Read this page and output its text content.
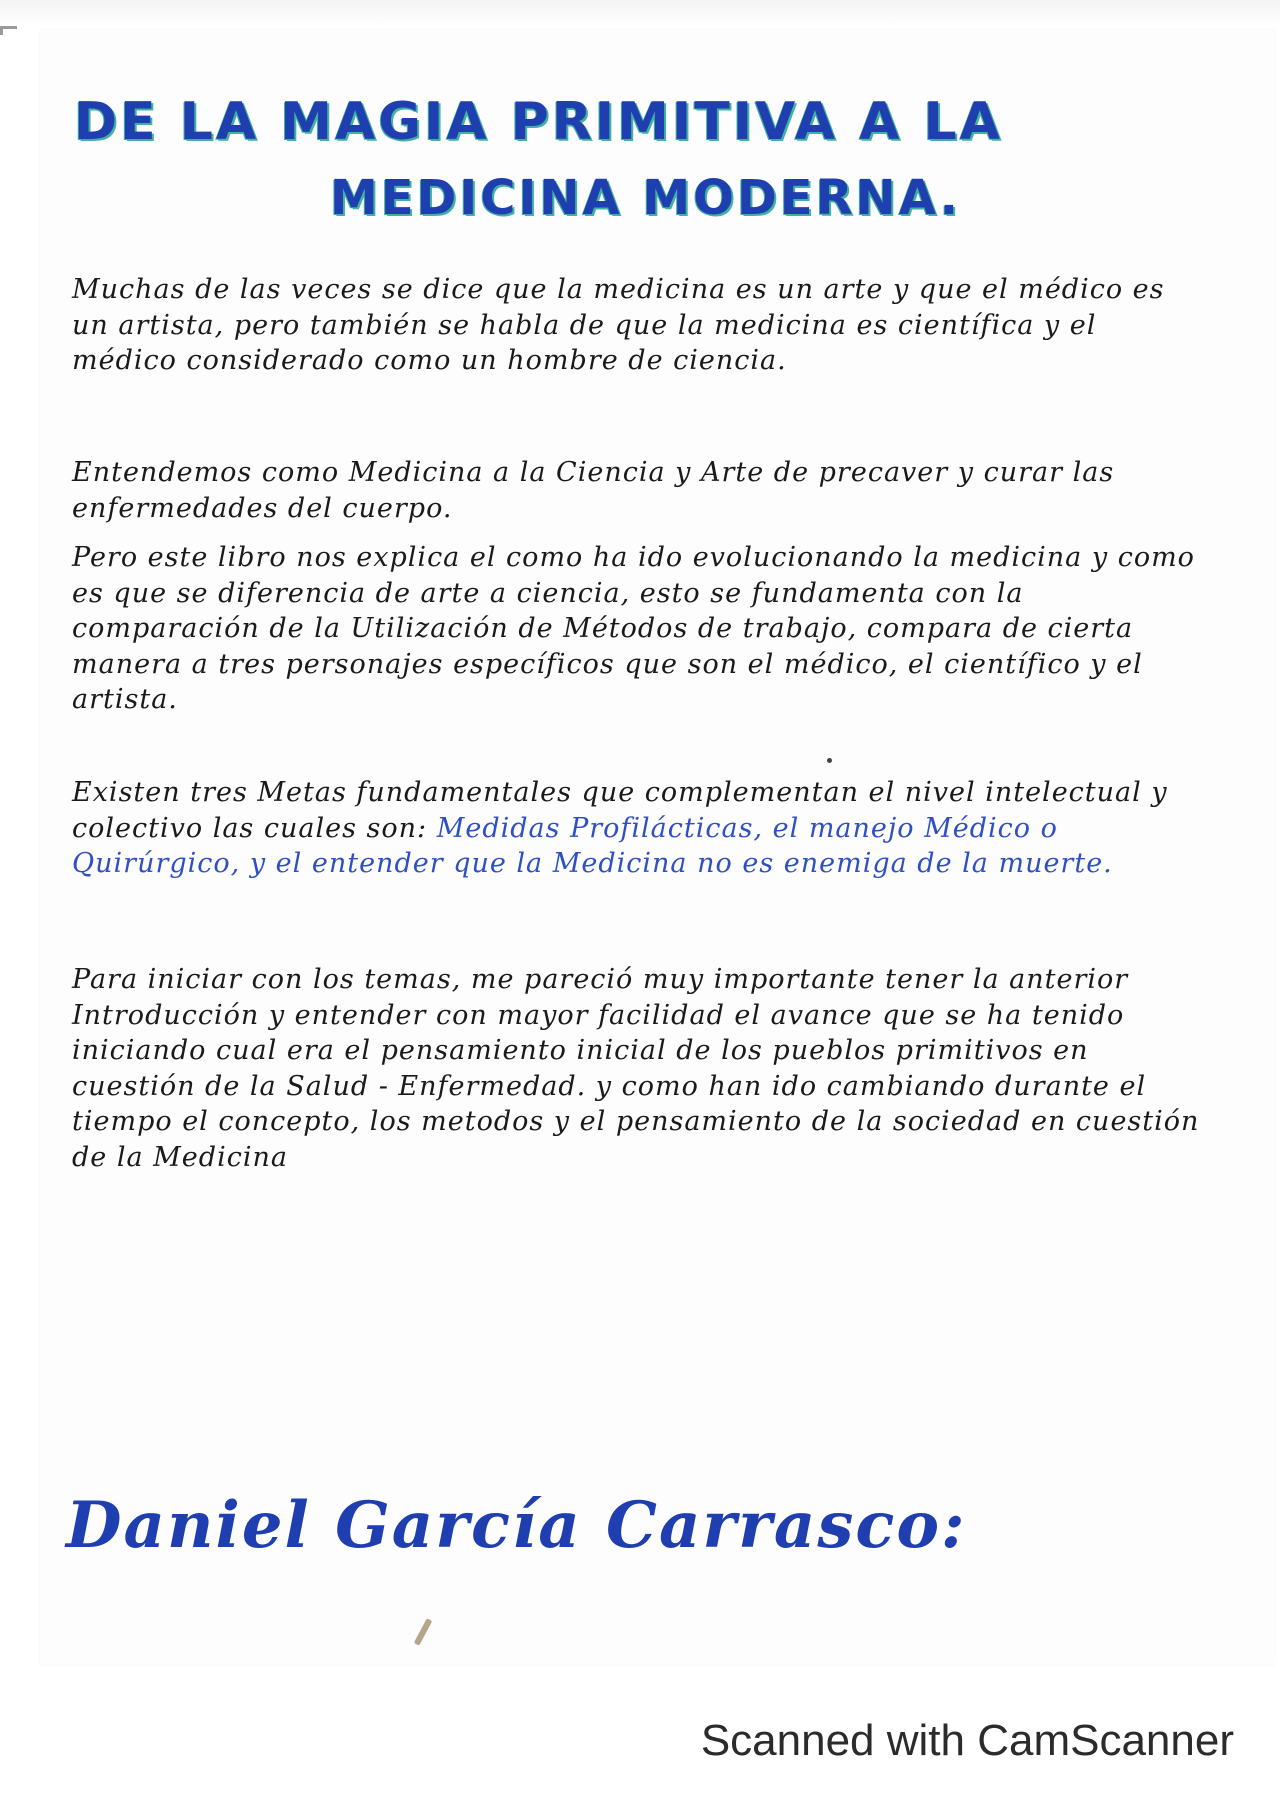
DE LA MAGIA PRIMITIVA A LA
MEDICINA MODERNA.

Muchas de las veces se dice que la medicina es un arte y que el médico es un artista, pero también se habla de que la medicina es científica y el médico considerado como un hombre de ciencia.

Entendemos como Medicina a la Ciencia y Arte de precaver y curar las enfermedades del cuerpo.

Pero este libro nos explica el como ha ido evolucionando la medicina y como es que se diferencia de arte a ciencia, esto se fundamenta con la comparación de la Utilización de Métodos de trabajo, compara de cierta manera a tres personajes específicos que son el médico, el científico y el artista.

Existen tres Metas fundamentales que complementan el nivel intelectual y colectivo las cuales son: Medidas Profilácticas, el manejo Médico o Quirúrgico, y el entender que la Medicina no es enemiga de la muerte.

Para iniciar con los temas, me pareció muy importante tener la anterior Introducción y entender con mayor facilidad el avance que se ha tenido iniciando cual era el pensamiento inicial de los pueblos primitivos en cuestión de la Salud - Enfermedad. y como han ido cambiando durante el tiempo el concepto, los metodos y el pensamiento de la sociedad en cuestión de la Medicina

Daniel García Carrasco:
Scanned with CamScanner
